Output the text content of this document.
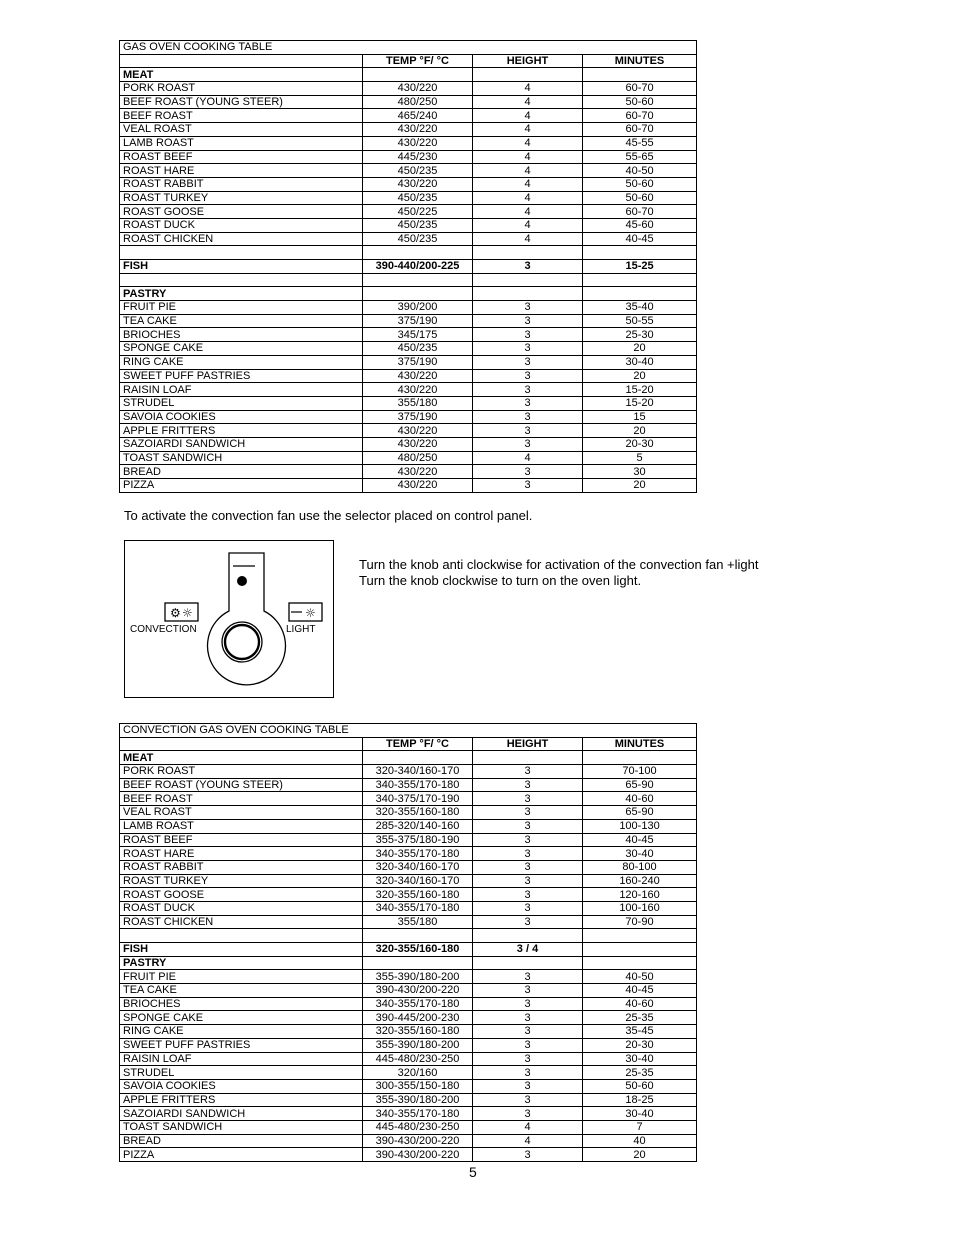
GAS OVEN COOKING TABLE			
	TEMP °F/ °C	HEIGHT	MINUTES
MEAT			
PORK ROAST	430/220	4	60-70
BEEF ROAST (YOUNG STEER)	480/250	4	50-60
BEEF ROAST	465/240	4	60-70
VEAL ROAST	430/220	4	60-70
LAMB ROAST	430/220	4	45-55
ROAST BEEF	445/230	4	55-65
ROAST HARE	450/235	4	40-50
ROAST RABBIT	430/220	4	50-60
ROAST TURKEY	450/235	4	50-60
ROAST GOOSE	450/225	4	60-70
ROAST DUCK	450/235	4	45-60
ROAST CHICKEN	450/235	4	40-45

FISH	390-440/200-225	3	15-25

PASTRY			
FRUIT PIE	390/200	3	35-40
TEA CAKE	375/190	3	50-55
BRIOCHES	345/175	3	25-30
SPONGE CAKE	450/235	3	20
RING CAKE	375/190	3	30-40
SWEET PUFF PASTRIES	430/220	3	20
RAISIN LOAF	430/220	3	15-20
STRUDEL	355/180	3	15-20
SAVOIA COOKIES	375/190	3	15
APPLE FRITTERS	430/220	3	20
SAZOIARDI SANDWICH	430/220	3	20-30
TOAST SANDWICH	480/250	4	5
BREAD	430/220	3	30
PIZZA	430/220	3	20
To activate the convection fan use the selector placed on control panel.
⚙ ☼	☼
CONVECTION	LIGHT
Turn the knob anti clockwise for activation of the convection fan +light
Turn the knob clockwise to turn on the oven light.
CONVECTION GAS OVEN COOKING TABLE			
	TEMP °F/ °C	HEIGHT	MINUTES
MEAT			
PORK ROAST	320-340/160-170	3	70-100
BEEF ROAST (YOUNG STEER)	340-355/170-180	3	65-90
BEEF ROAST	340-375/170-190	3	40-60
VEAL ROAST	320-355/160-180	3	65-90
LAMB ROAST	285-320/140-160	3	100-130
ROAST BEEF	355-375/180-190	3	40-45
ROAST HARE	340-355/170-180	3	30-40
ROAST RABBIT	320-340/160-170	3	80-100
ROAST TURKEY	320-340/160-170	3	160-240
ROAST GOOSE	320-355/160-180	3	120-160
ROAST DUCK	340-355/170-180	3	100-160
ROAST CHICKEN	355/180	3	70-90

FISH	320-355/160-180	3 / 4	
PASTRY			
FRUIT PIE	355-390/180-200	3	40-50
TEA CAKE	390-430/200-220	3	40-45
BRIOCHES	340-355/170-180	3	40-60
SPONGE CAKE	390-445/200-230	3	25-35
RING CAKE	320-355/160-180	3	35-45
SWEET PUFF PASTRIES	355-390/180-200	3	20-30
RAISIN LOAF	445-480/230-250	3	30-40
STRUDEL	320/160	3	25-35
SAVOIA COOKIES	300-355/150-180	3	50-60
APPLE FRITTERS	355-390/180-200	3	18-25
SAZOIARDI SANDWICH	340-355/170-180	3	30-40
TOAST SANDWICH	445-480/230-250	4	7
BREAD	390-430/200-220	4	40
PIZZA	390-430/200-220	3	20
5
